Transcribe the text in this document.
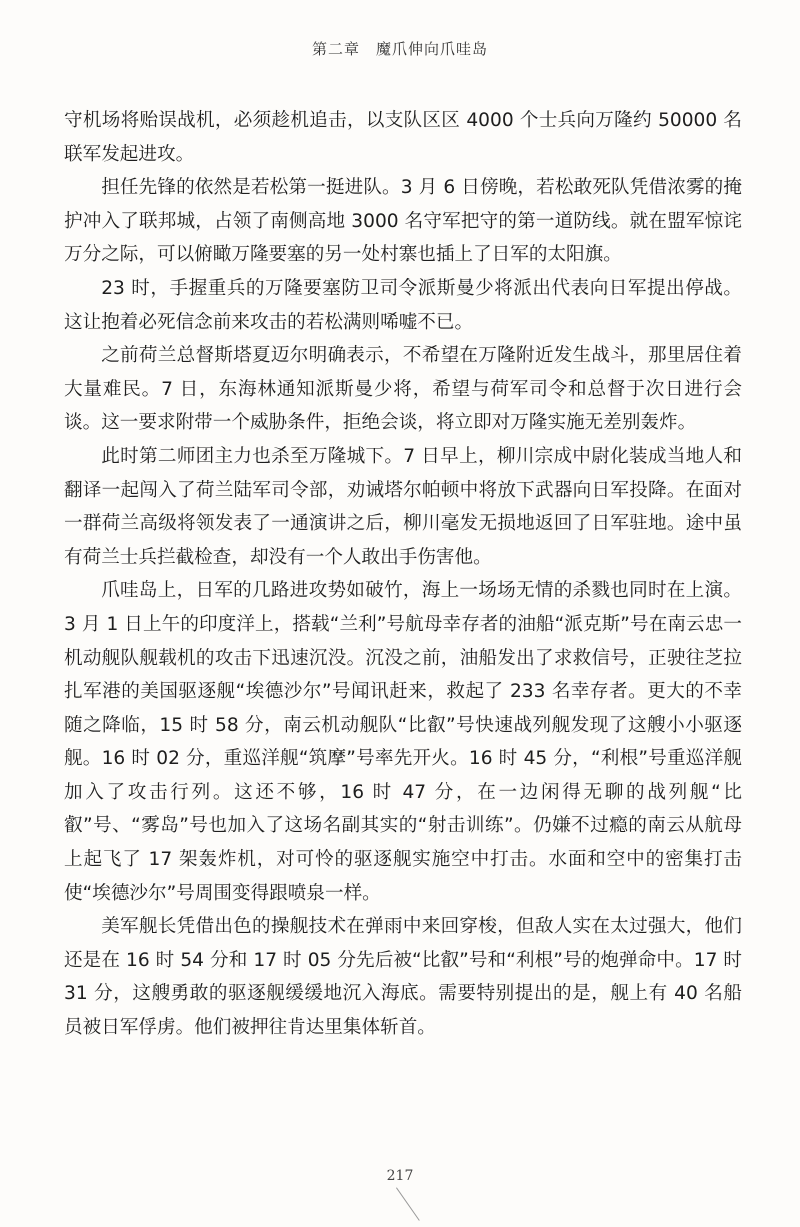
第二章 魔爪伸向爪哇岛

守机场将贻误战机，必须趁机追击，以支队区区 4000 个士兵向万隆约 50000 名联军发起进攻。

担任先锋的依然是若松第一挺进队。3 月 6 日傍晚，若松敢死队凭借浓雾的掩护冲入了联邦城，占领了南侧高地 3000 名守军把守的第一道防线。就在盟军惊诧万分之际，可以俯瞰万隆要塞的另一处村寨也插上了日军的太阳旗。

23 时，手握重兵的万隆要塞防卫司令派斯曼少将派出代表向日军提出停战。这让抱着必死信念前来攻击的若松满则唏嘘不已。

之前荷兰总督斯塔夏迈尔明确表示，不希望在万隆附近发生战斗，那里居住着大量难民。7 日，东海林通知派斯曼少将，希望与荷军司令和总督于次日进行会谈。这一要求附带一个威胁条件，拒绝会谈，将立即对万隆实施无差别轰炸。

此时第二师团主力也杀至万隆城下。7 日早上，柳川宗成中尉化装成当地人和翻译一起闯入了荷兰陆军司令部，劝诫塔尔帕顿中将放下武器向日军投降。在面对一群荷兰高级将领发表了一通演讲之后，柳川毫发无损地返回了日军驻地。途中虽有荷兰士兵拦截检查，却没有一个人敢出手伤害他。

爪哇岛上，日军的几路进攻势如破竹，海上一场场无情的杀戮也同时在上演。3 月 1 日上午的印度洋上，搭载“兰利”号航母幸存者的油船“派克斯”号在南云忠一机动舰队舰载机的攻击下迅速沉没。沉没之前，油船发出了求救信号，正驶往芝拉扎军港的美国驱逐舰“埃德沙尔”号闻讯赶来，救起了 233 名幸存者。更大的不幸随之降临，15 时 58 分，南云机动舰队“比叡”号快速战列舰发现了这艘小小驱逐舰。16 时 02 分，重巡洋舰“筑摩”号率先开火。16 时 45 分，“利根”号重巡洋舰加入了攻击行列。这还不够，16 时 47 分，在一边闲得无聊的战列舰“比叡”号、“雾岛”号也加入了这场名副其实的“射击训练”。仍嫌不过瘾的南云从航母上起飞了 17 架轰炸机，对可怜的驱逐舰实施空中打击。水面和空中的密集打击使“埃德沙尔”号周围变得跟喷泉一样。

美军舰长凭借出色的操舰技术在弹雨中来回穿梭，但敌人实在太过强大，他们还是在 16 时 54 分和 17 时 05 分先后被“比叡”号和“利根”号的炮弹命中。17 时 31 分，这艘勇敢的驱逐舰缓缓地沉入海底。需要特别提出的是，舰上有 40 名船员被日军俘虏。他们被押往肯达里集体斩首。

217
